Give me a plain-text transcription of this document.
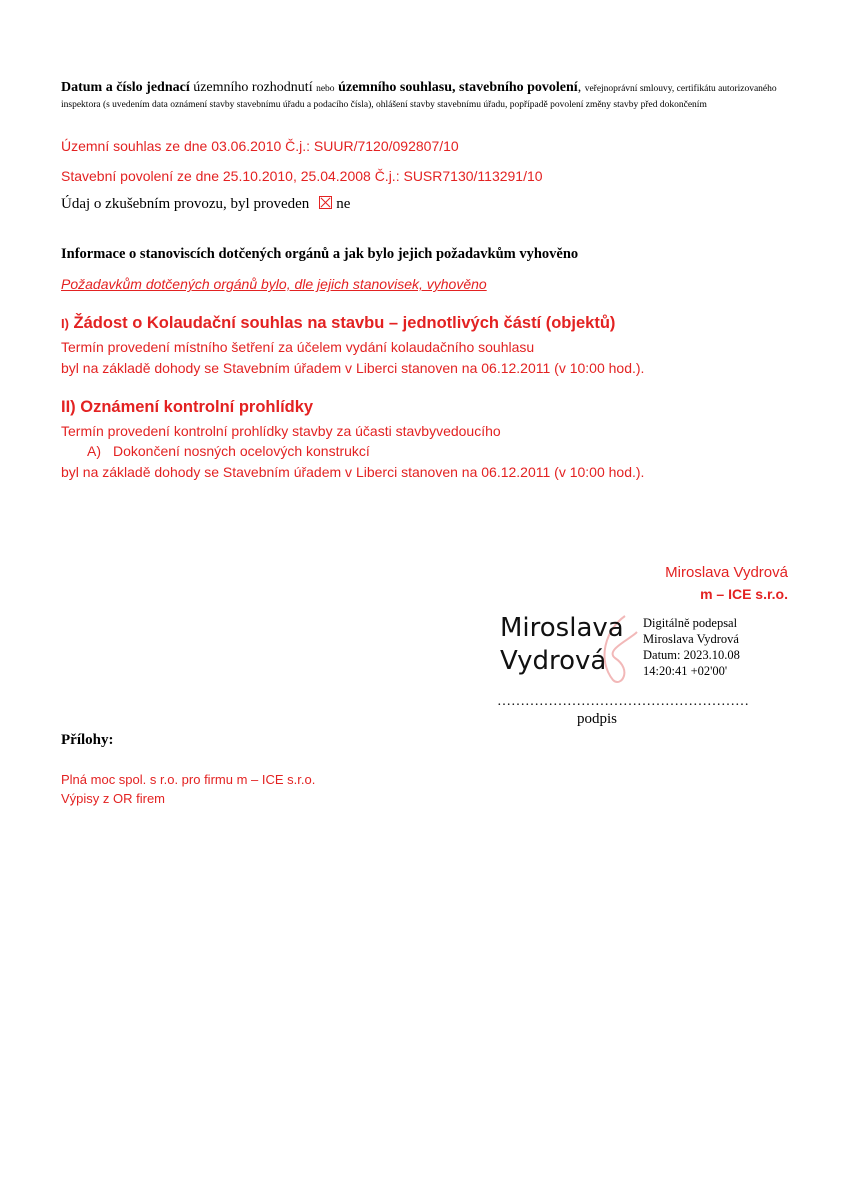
Datum a číslo jednací územního rozhodnutí nebo územního souhlasu, stavebního povolení, veřejnoprávní smlouvy, certifikátu autorizovaného inspektora (s uvedením data oznámení stavby stavebnímu úřadu a podacího čísla), ohlášení stavby stavebnímu úřadu, popřípadě povolení změny stavby před dokončením
Územní souhlas ze dne 03.06.2010 Č.j.: SUUR/7120/092807/10
Stavební povolení ze dne 25.10.2010, 25.04.2008 Č.j.: SUSR7130/113291/10
Údaj o zkušebním provozu, byl proveden ne
Informace o stanoviscích dotčených orgánů a jak bylo jejich požadavkům vyhověno
Požadavkům dotčených orgánů bylo, dle jejich stanovisek, vyhověno
I) Žádost o Kolaudační souhlas na stavbu – jednotlivých částí (objektů)
Termín provedení místního šetření za účelem vydání kolaudačního souhlasu
byl na základě dohody se Stavebním úřadem v Liberci stanoven na 06.12.2011 (v 10:00 hod.).
II) Oznámení kontrolní prohlídky
Termín provedení kontrolní prohlídky stavby za účasti stavbyvedoucího
A) Dokončení nosných ocelových konstrukcí
byl na základě dohody se Stavebním úřadem v Liberci stanoven na 06.12.2011 (v 10:00 hod.).
Miroslava Vydrová
m – ICE s.r.o.
Miroslava
Vydrová
Digitálně podepsal
Miroslava Vydrová
Datum: 2023.10.08
14:20:41 +02'00'
………………………………………………
podpis
Přílohy:
Plná moc spol. s r.o. pro firmu m – ICE s.r.o.
Výpisy z OR firem
